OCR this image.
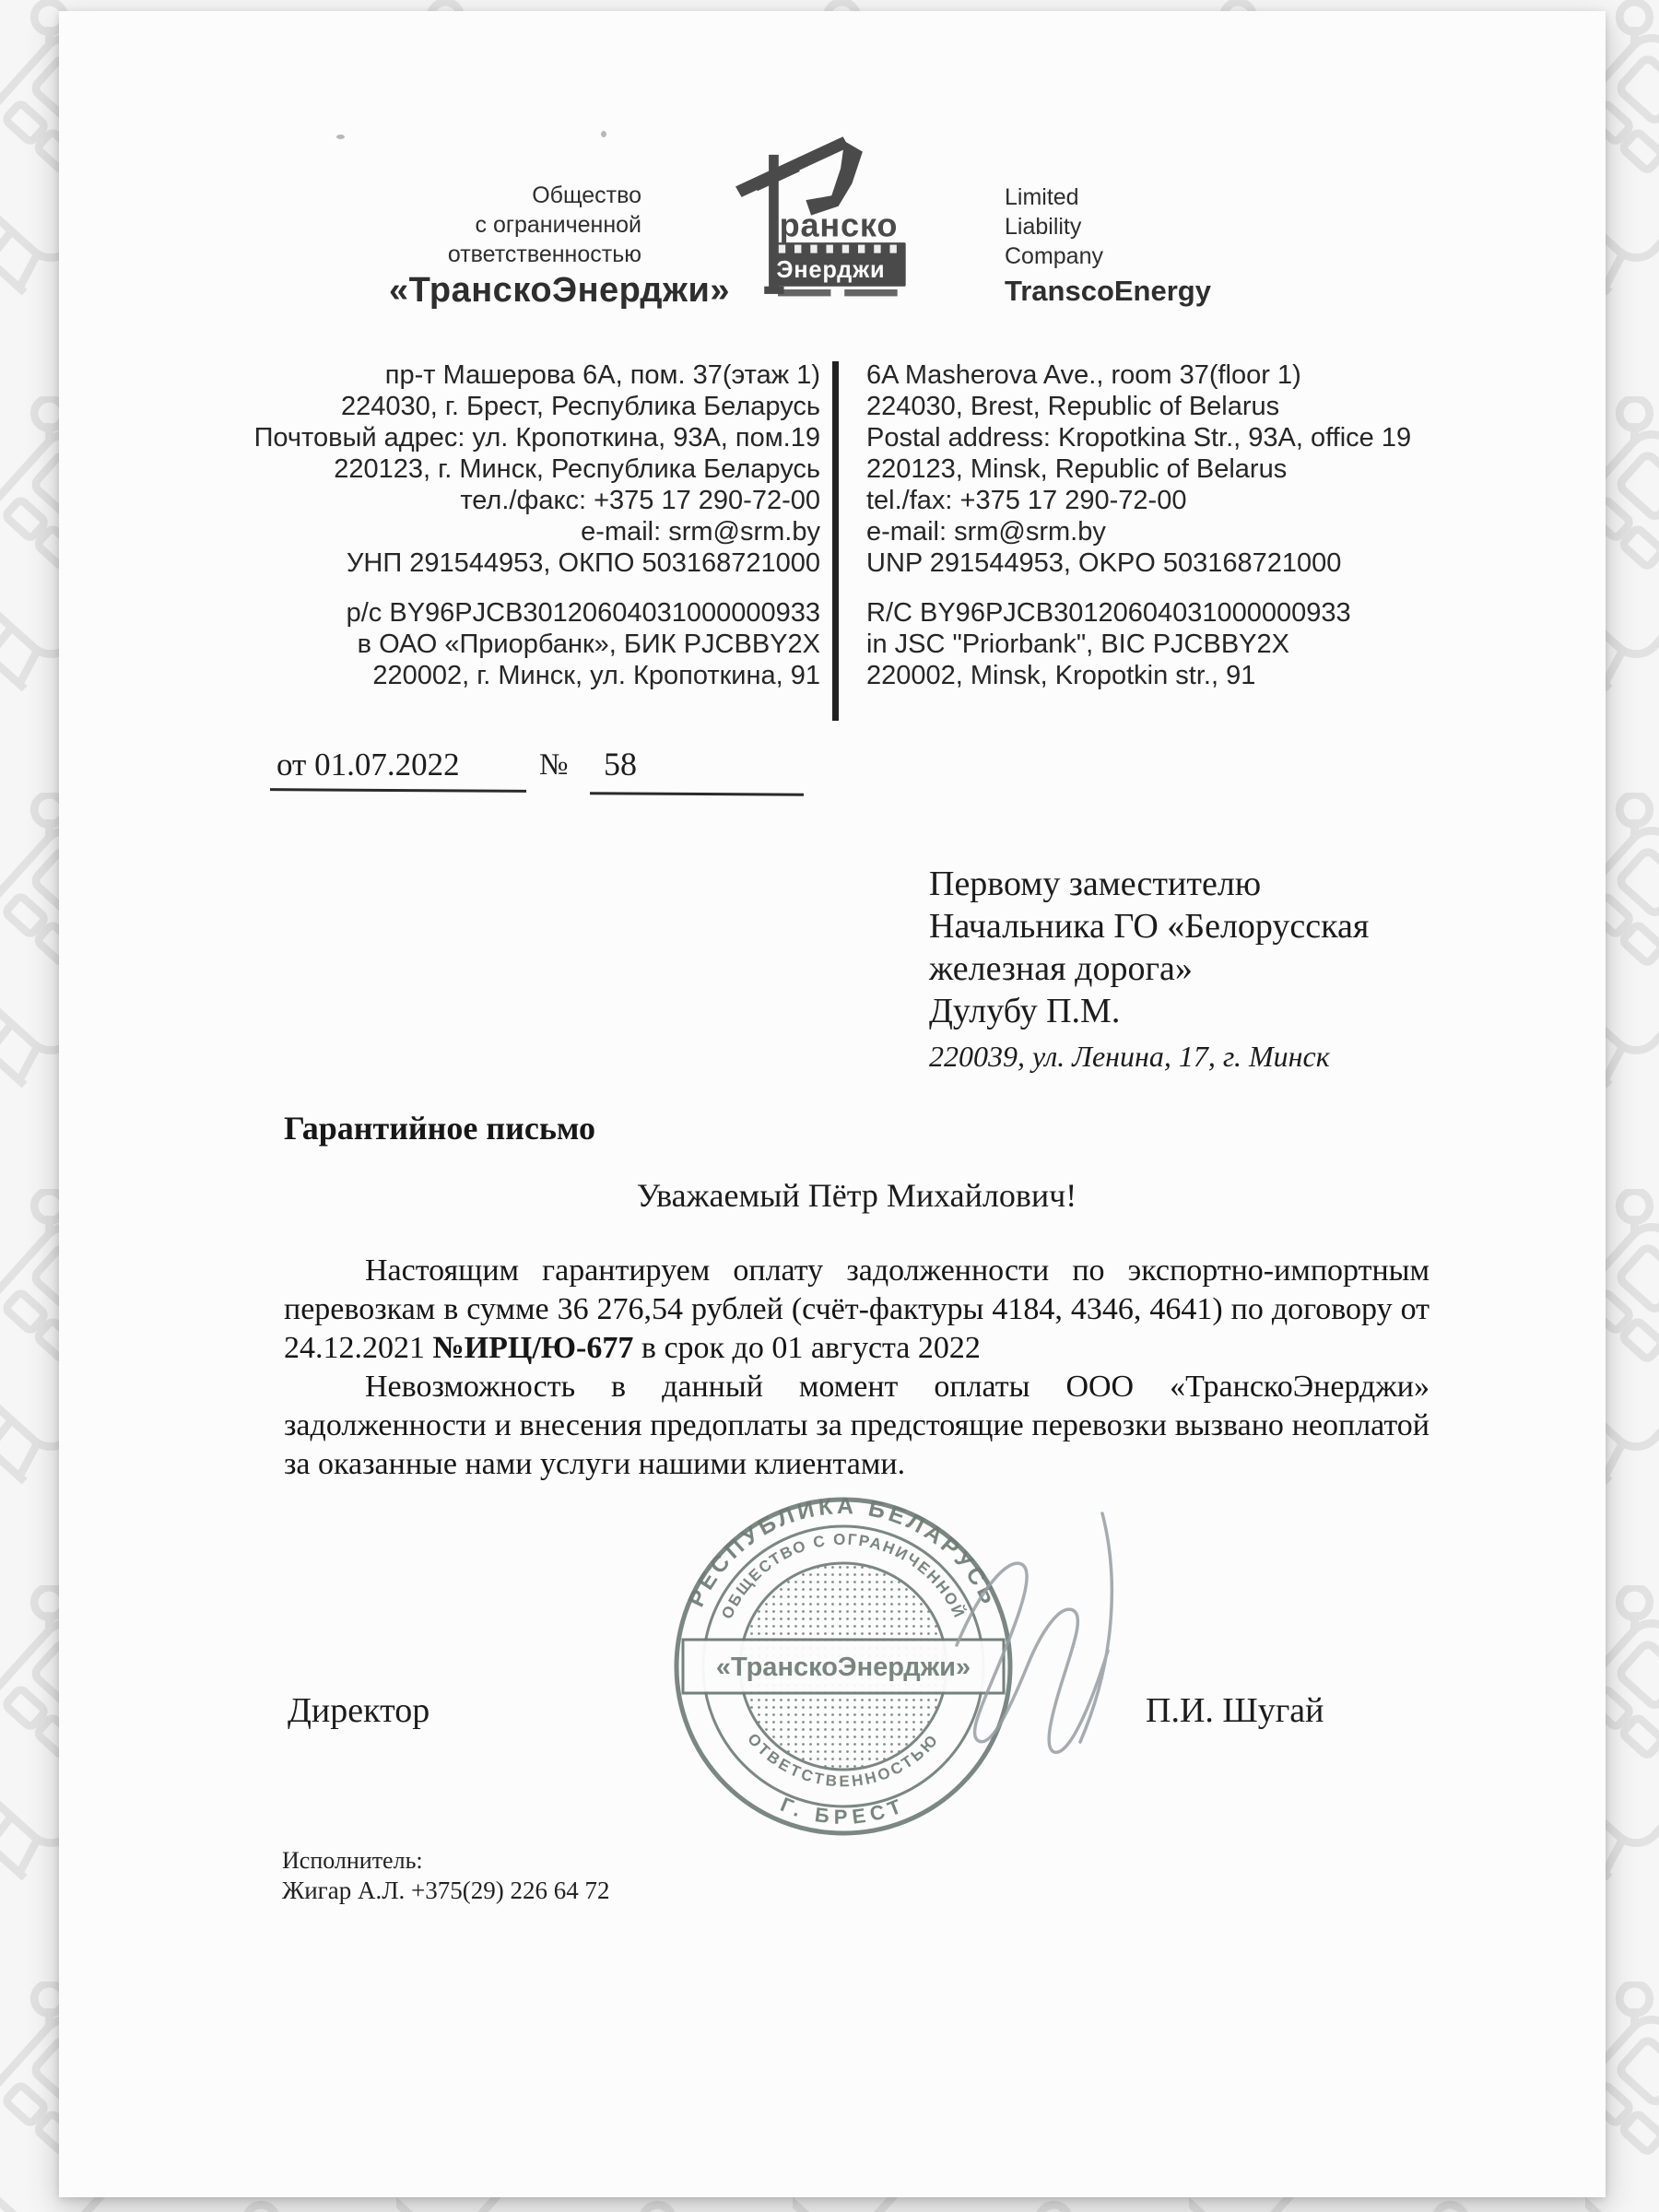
ранско
Энерджи
Общество
с ограниченной
ответственностью
«ТранскоЭнерджи»
Limited
Liability
Company
TranscoEnergy
пр-т Машерова 6А, пом. 37(этаж 1)
224030, г. Брест, Республика Беларусь
Почтовый адрес: ул. Кропоткина, 93А, пом.19
220123, г. Минск, Республика Беларусь
тел./факс: +375 17 290-72-00
e-mail: srm@srm.by
УНП 291544953, ОКПО 503168721000
6A Masherova Ave., room 37(floor 1)
224030, Brest, Republic of Belarus
Postal address: Kropotkina Str., 93A, office 19
220123, Minsk, Republic of Belarus
tel./fax: +375 17 290-72-00
e-mail: srm@srm.by
UNP 291544953, OKPO 503168721000
р/с BY96PJCB30120604031000000933
в ОАО «Приорбанк», БИК PJCBBY2X
220002, г. Минск, ул. Кропоткина, 91
R/C BY96PJCB30120604031000000933
in JSC "Priorbank", BIC PJCBBY2X
220002, Minsk, Kropotkin str., 91
от 01.07.2022	№ 58
Первому заместителю
Начальника ГО «Белорусская
железная дорога»
Дулубу П.М.
220039, ул. Ленина, 17, г. Минск
Гарантийное письмо
Уважаемый Пётр Михайлович!

Настоящим гарантируем оплату задолженности по экспортно-импортным перевозкам в сумме 36 276,54 рублей (счёт-фактуры 4184, 4346, 4641) по договору от 24.12.2021 №ИРЦ/Ю-677 в срок до 01 августа 2022

Невозможность в данный момент оплаты ООО «ТранскоЭнерджи» задолженности и внесения предоплаты за предстоящие перевозки вызвано неоплатой за оказанные нами услуги нашими клиентами.

Директор	П.И. Шугай
РЕСПУБЛИКА БЕЛАРУСЬ
Г. БРЕСТ
ОБЩЕСТВО С ОГРАНИЧЕННОЙ
ОТВЕТСТВЕННОСТЬЮ
«ТранскоЭнерджи»
Исполнитель:
Жигар А.Л. +375(29) 226 64 72
